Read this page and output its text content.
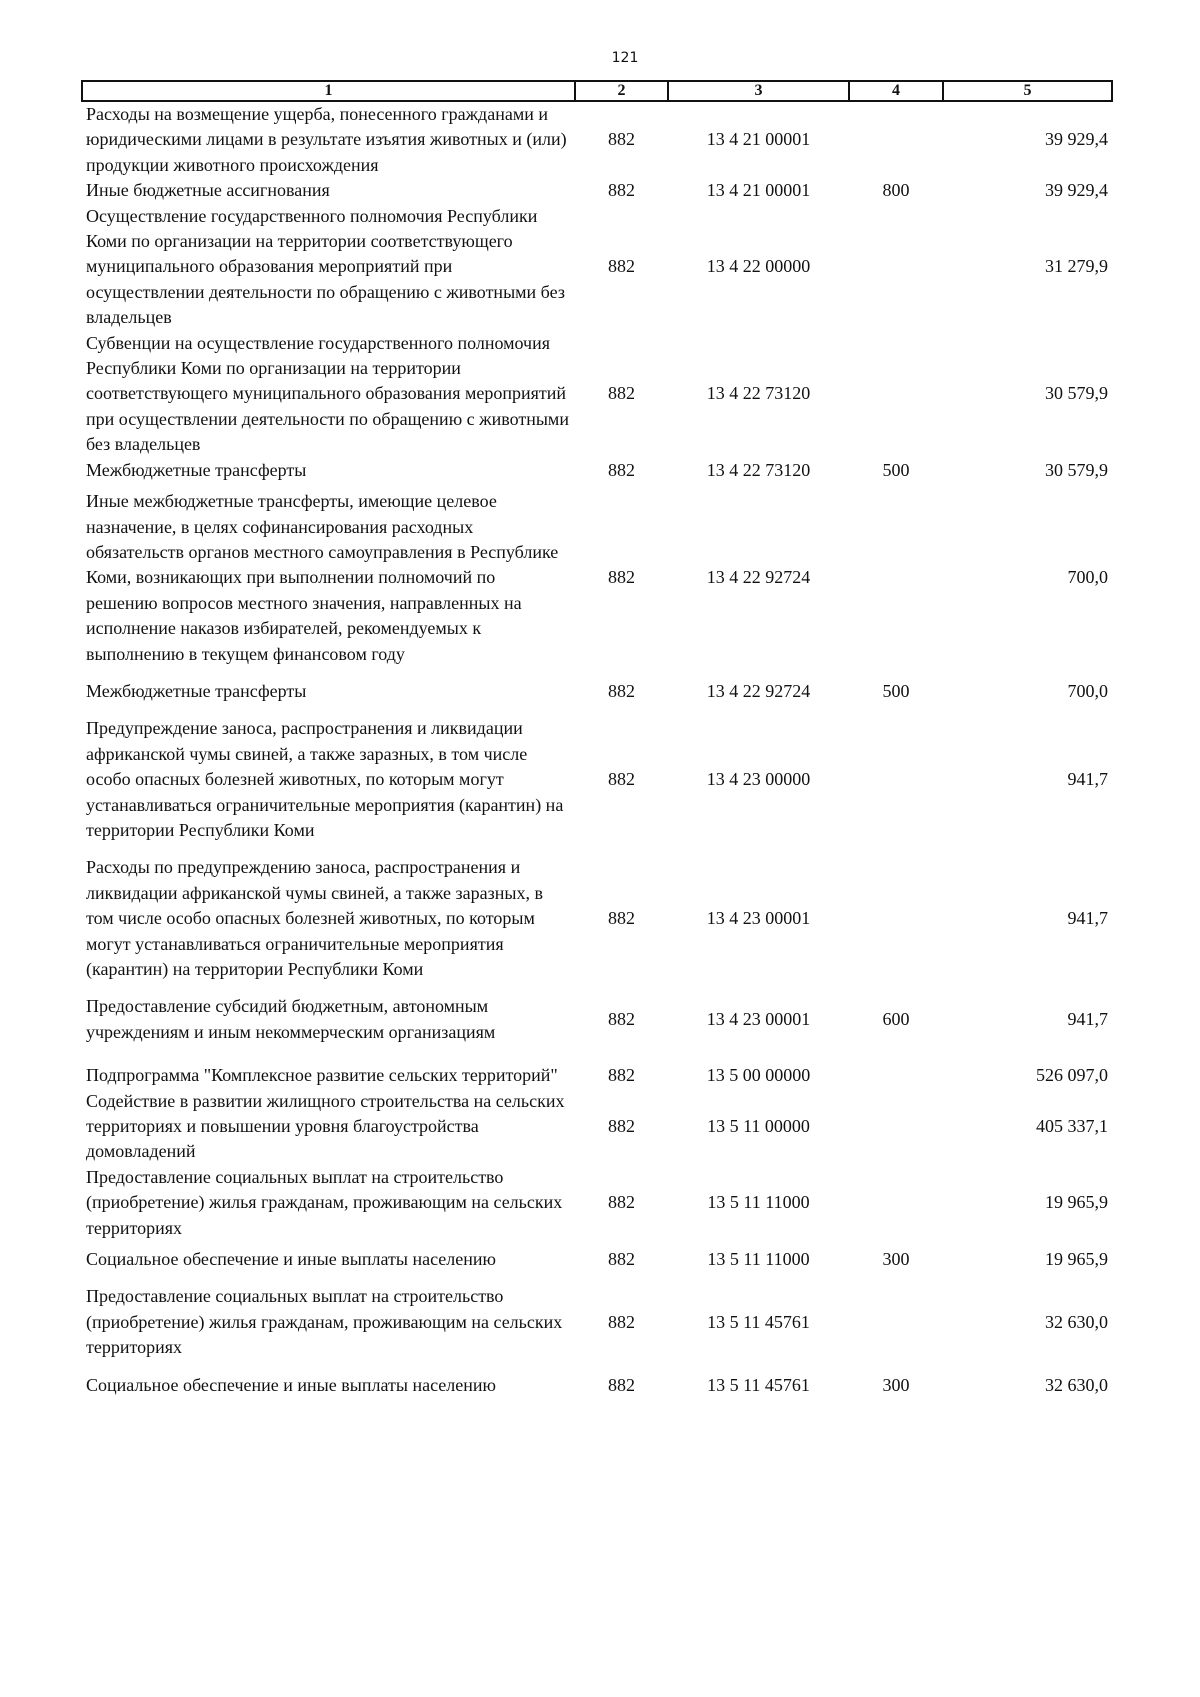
121
1	2	3	4	5
Расходы на возмещение ущерба, понесенного гражданами и юридическими лицами в результате изъятия животных и (или) продукции животного происхождения	882	13 4 21 00001		39 929,4
Иные бюджетные ассигнования	882	13 4 21 00001	800	39 929,4
Осуществление государственного полномочия Республики Коми по организации на территории соответствующего муниципального образования мероприятий при осуществлении деятельности по обращению с животными без владельцев	882	13 4 22 00000		31 279,9
Субвенции на осуществление государственного полномочия Республики Коми по организации на территории соответствующего муниципального образования мероприятий при осуществлении деятельности по обращению с животными без владельцев	882	13 4 22 73120		30 579,9
Межбюджетные трансферты	882	13 4 22 73120	500	30 579,9
Иные межбюджетные трансферты, имеющие целевое назначение, в целях софинансирования расходных обязательств органов местного самоуправления в Республике Коми, возникающих при выполнении полномочий по решению вопросов местного значения, направленных на исполнение наказов избирателей, рекомендуемых к выполнению в текущем финансовом году	882	13 4 22 92724		700,0
Межбюджетные трансферты	882	13 4 22 92724	500	700,0
Предупреждение заноса, распространения и ликвидации африканской чумы свиней, а также заразных, в том числе особо опасных болезней животных, по которым могут устанавливаться ограничительные мероприятия (карантин) на территории Республики Коми	882	13 4 23 00000		941,7
Расходы по предупреждению заноса, распространения и ликвидации африканской чумы свиней, а также заразных, в том числе особо опасных болезней животных, по которым могут устанавливаться ограничительные мероприятия (карантин) на территории Республики Коми	882	13 4 23 00001		941,7
Предоставление субсидий бюджетным, автономным учреждениям и иным некоммерческим организациям	882	13 4 23 00001	600	941,7
Подпрограмма "Комплексное развитие сельских территорий"	882	13 5 00 00000		526 097,0
Содействие в развитии жилищного строительства на сельских территориях и повышении уровня благоустройства домовладений	882	13 5 11 00000		405 337,1
Предоставление социальных выплат на строительство (приобретение) жилья гражданам, проживающим на сельских территориях	882	13 5 11 11000		19 965,9
Социальное обеспечение и иные выплаты населению	882	13 5 11 11000	300	19 965,9
Предоставление социальных выплат на строительство (приобретение) жилья гражданам, проживающим на сельских территориях	882	13 5 11 45761		32 630,0
Социальное обеспечение и иные выплаты населению	882	13 5 11 45761	300	32 630,0
